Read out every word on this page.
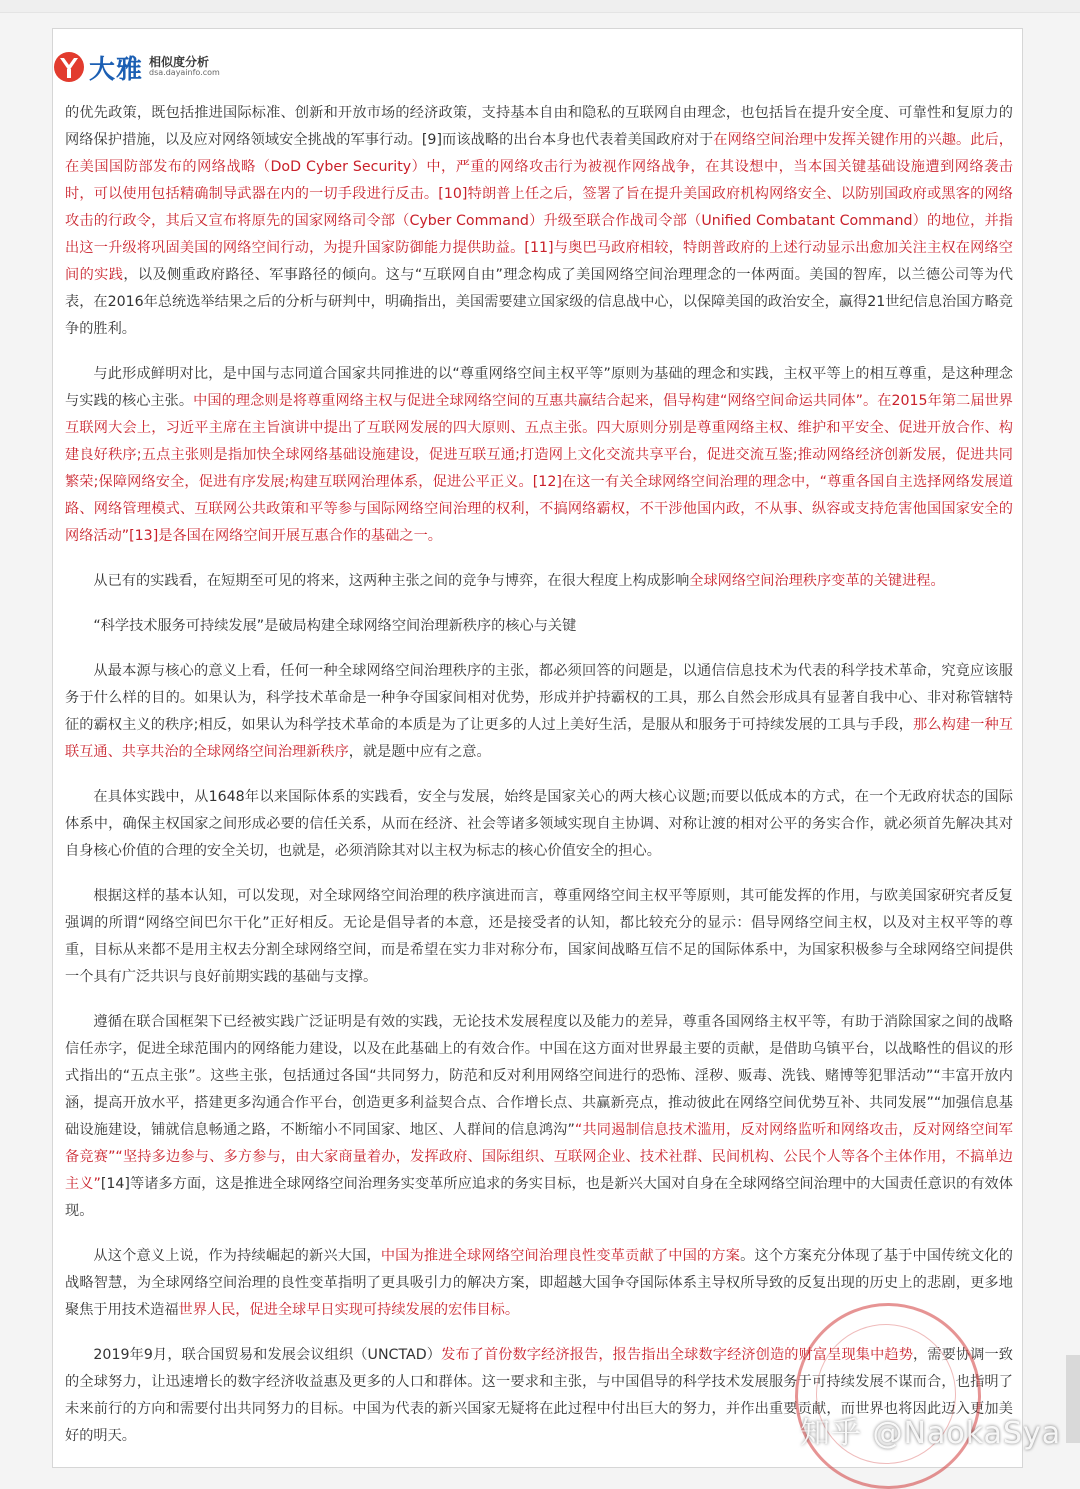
大雅 相似度分析
dsa.dayainfo.com

的优先政策，既包括推进国际标准、创新和开放市场的经济政策，支持基本自由和隐私的互联网自由理念，也包括旨在提升安全度、可靠性和复原力的网络保护措施，以及应对网络领域安全挑战的军事行动。[9]而该战略的出台本身也代表着美国政府对于在网络空间治理中发挥关键作用的兴趣。此后，在美国国防部发布的网络战略（DoD Cyber Security）中，严重的网络攻击行为被视作网络战争，在其设想中，当本国关键基础设施遭到网络袭击时，可以使用包括精确制导武器在内的一切手段进行反击。[10]特朗普上任之后，签署了旨在提升美国政府机构网络安全、以防别国政府或黑客的网络攻击的行政令，其后又宣布将原先的国家网络司令部（Cyber Command）升级至联合作战司令部（Unified Combatant Command）的地位，并指出这一升级将巩固美国的网络空间行动，为提升国家防御能力提供助益。[11]与奥巴马政府相较，特朗普政府的上述行动显示出愈加关注主权在网络空间的实践，以及侧重政府路径、军事路径的倾向。这与“互联网自由”理念构成了美国网络空间治理理念的一体两面。美国的智库，以兰德公司等为代表，在2016年总统选举结果之后的分析与研判中，明确指出，美国需要建立国家级的信息战中心，以保障美国的政治安全，赢得21世纪信息治国方略竞争的胜利。

与此形成鲜明对比，是中国与志同道合国家共同推进的以“尊重网络空间主权平等”原则为基础的理念和实践，主权平等上的相互尊重，是这种理念与实践的核心主张。中国的理念则是将尊重网络主权与促进全球网络空间的互惠共赢结合起来，倡导构建“网络空间命运共同体”。在2015年第二届世界互联网大会上，习近平主席在主旨演讲中提出了互联网发展的四大原则、五点主张。四大原则分别是尊重网络主权、维护和平安全、促进开放合作、构建良好秩序;五点主张则是指加快全球网络基础设施建设，促进互联互通;打造网上文化交流共享平台，促进交流互鉴;推动网络经济创新发展，促进共同繁荣;保障网络安全，促进有序发展;构建互联网治理体系，促进公平正义。[12]在这一有关全球网络空间治理的理念中，“尊重各国自主选择网络发展道路、网络管理模式、互联网公共政策和平等参与国际网络空间治理的权利，不搞网络霸权，不干涉他国内政，不从事、纵容或支持危害他国国家安全的网络活动”[13]是各国在网络空间开展互惠合作的基础之一。

从已有的实践看，在短期至可见的将来，这两种主张之间的竞争与博弈，在很大程度上构成影响全球网络空间治理秩序变革的关键进程。

“科学技术服务可持续发展”是破局构建全球网络空间治理新秩序的核心与关键

从最本源与核心的意义上看，任何一种全球网络空间治理秩序的主张，都必须回答的问题是，以通信信息技术为代表的科学技术革命，究竟应该服务于什么样的目的。如果认为，科学技术革命是一种争夺国家间相对优势，形成并护持霸权的工具，那么自然会形成具有显著自我中心、非对称管辖特征的霸权主义的秩序;相反，如果认为科学技术革命的本质是为了让更多的人过上美好生活，是服从和服务于可持续发展的工具与手段，那么构建一种互联互通、共享共治的全球网络空间治理新秩序，就是题中应有之意。

在具体实践中，从1648年以来国际体系的实践看，安全与发展，始终是国家关心的两大核心议题;而要以低成本的方式，在一个无政府状态的国际体系中，确保主权国家之间形成必要的信任关系，从而在经济、社会等诸多领域实现自主协调、对称让渡的相对公平的务实合作，就必须首先解决其对自身核心价值的合理的安全关切，也就是，必须消除其对以主权为标志的核心价值安全的担心。

根据这样的基本认知，可以发现，对全球网络空间治理的秩序演进而言，尊重网络空间主权平等原则，其可能发挥的作用，与欧美国家研究者反复强调的所谓“网络空间巴尔干化”正好相反。无论是倡导者的本意，还是接受者的认知，都比较充分的显示：倡导网络空间主权，以及对主权平等的尊重，目标从来都不是用主权去分割全球网络空间，而是希望在实力非对称分布，国家间战略互信不足的国际体系中，为国家积极参与全球网络空间提供一个具有广泛共识与良好前期实践的基础与支撑。

遵循在联合国框架下已经被实践广泛证明是有效的实践，无论技术发展程度以及能力的差异，尊重各国网络主权平等，有助于消除国家之间的战略信任赤字，促进全球范围内的网络能力建设，以及在此基础上的有效合作。中国在这方面对世界最主要的贡献，是借助乌镇平台，以战略性的倡议的形式指出的“五点主张”。这些主张，包括通过各国“共同努力，防范和反对利用网络空间进行的恐怖、淫秽、贩毒、洗钱、赌博等犯罪活动”“丰富开放内涵，提高开放水平，搭建更多沟通合作平台，创造更多利益契合点、合作增长点、共赢新亮点，推动彼此在网络空间优势互补、共同发展”“加强信息基础设施建设，铺就信息畅通之路，不断缩小不同国家、地区、人群间的信息鸿沟”“共同遏制信息技术滥用，反对网络监听和网络攻击，反对网络空间军备竞赛”“坚持多边参与、多方参与，由大家商量着办，发挥政府、国际组织、互联网企业、技术社群、民间机构、公民个人等各个主体作用，不搞单边主义”[14]等诸多方面，这是推进全球网络空间治理务实变革所应追求的务实目标，也是新兴大国对自身在全球网络空间治理中的大国责任意识的有效体现。

从这个意义上说，作为持续崛起的新兴大国，中国为推进全球网络空间治理良性变革贡献了中国的方案。这个方案充分体现了基于中国传统文化的战略智慧，为全球网络空间治理的良性变革指明了更具吸引力的解决方案，即超越大国争夺国际体系主导权所导致的反复出现的历史上的悲剧，更多地聚焦于用技术造福世界人民，促进全球早日实现可持续发展的宏伟目标。

2019年9月，联合国贸易和发展会议组织（UNCTAD）发布了首份数字经济报告，报告指出全球数字经济创造的财富呈现集中趋势，需要协调一致的全球努力，让迅速增长的数字经济收益惠及更多的人口和群体。这一要求和主张，与中国倡导的科学技术发展服务于可持续发展不谋而合，也指明了未来前行的方向和需要付出共同努力的目标。中国为代表的新兴国家无疑将在此过程中付出巨大的努力，并作出重要贡献，而世界也将因此迈入更加美好的明天。	知乎 @NaokaSya
